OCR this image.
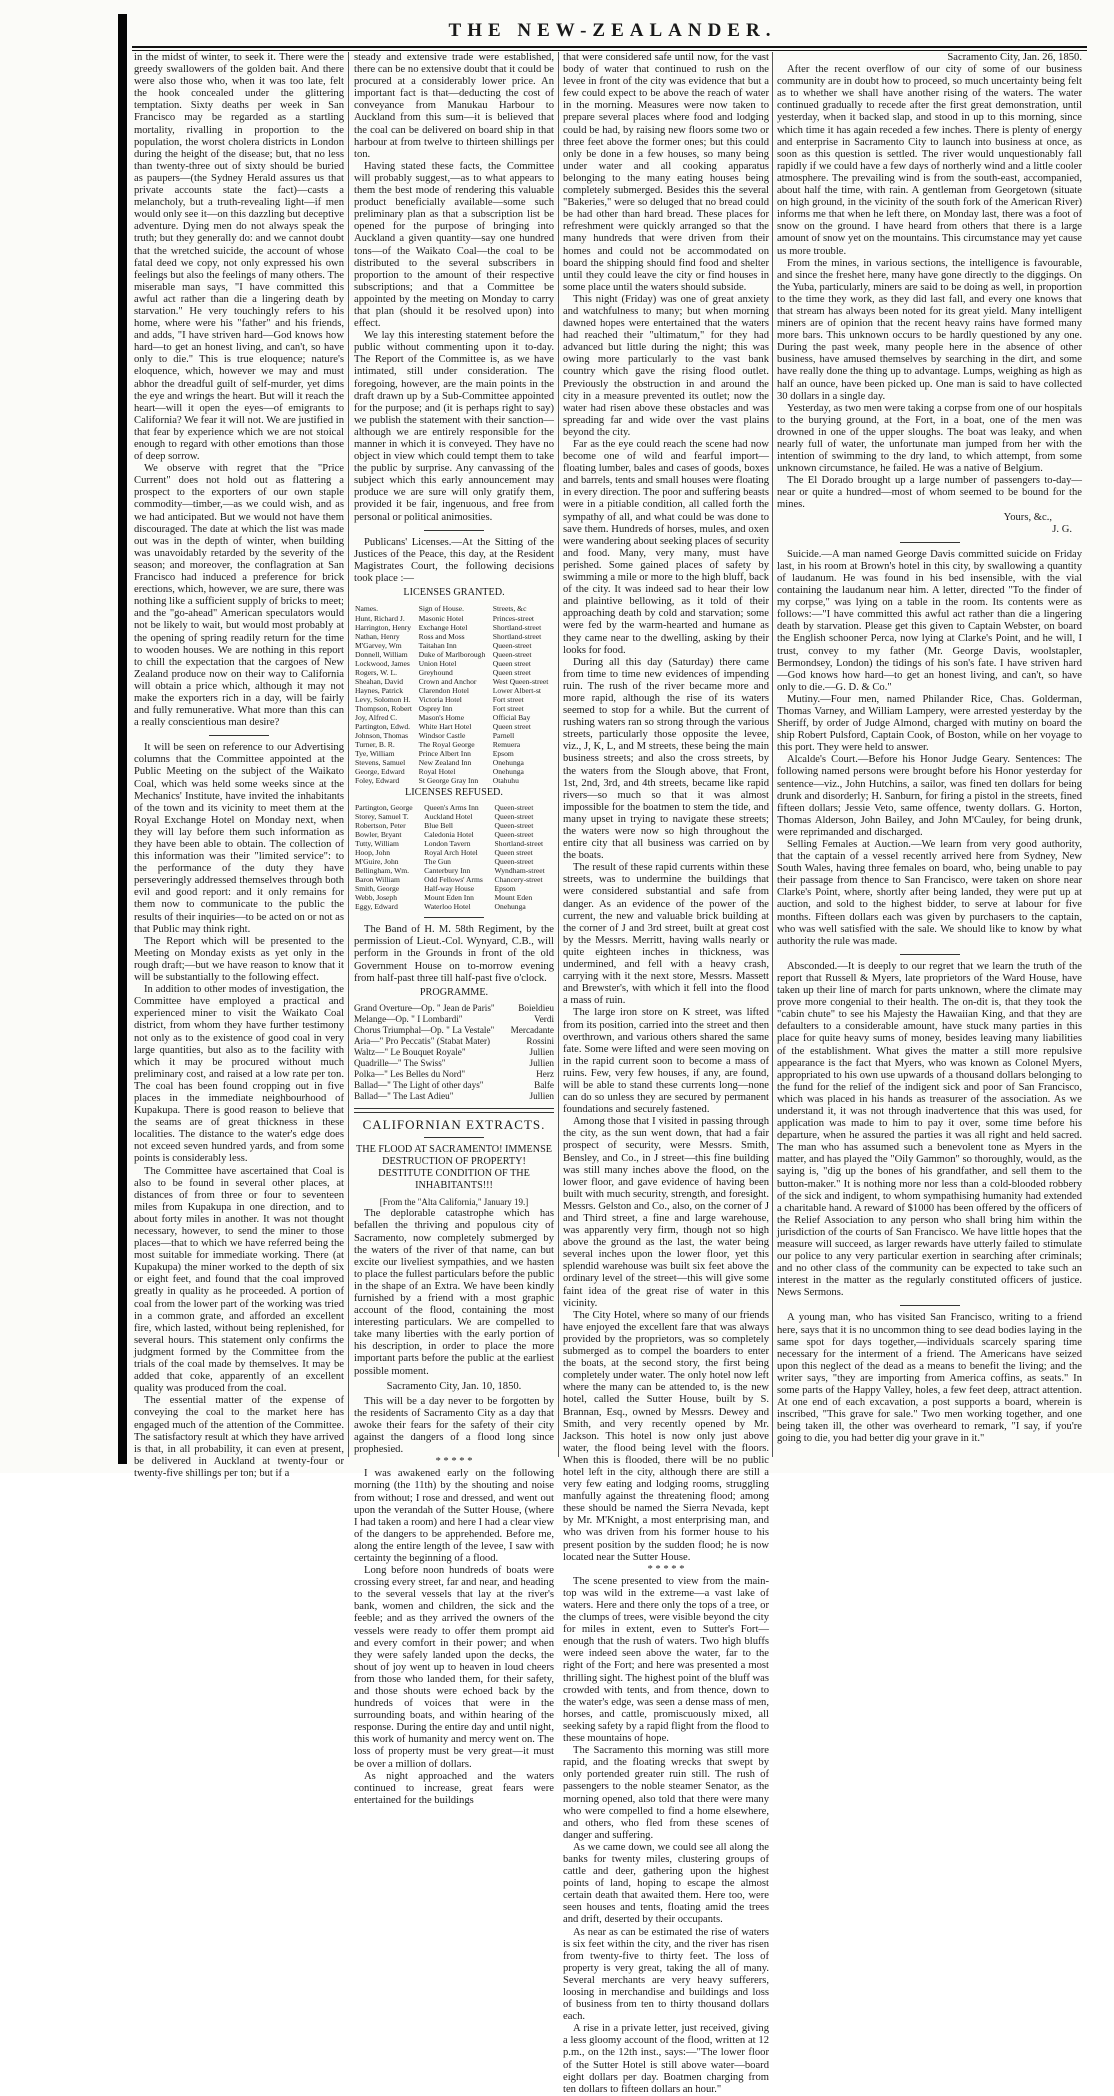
THE NEW-ZEALANDER.

in the midst of winter, to seek it. There were the greedy swallowers of the golden bait. And there were also those who, when it was too late, felt the hook concealed under the glittering temptation. Sixty deaths per week in San Francisco may be regarded as a startling mortality, rivalling in proportion to the population, the worst cholera districts in London during the height of the disease; but, that no less than twenty-three out of sixty should be buried as paupers—(the Sydney Herald assures us that private accounts state the fact)—casts a melancholy, but a truth-revealing light—if men would only see it—on this dazzling but deceptive adventure. Dying men do not always speak the truth; but they generally do: and we cannot doubt that the wretched suicide, the account of whose fatal deed we copy, not only expressed his own feelings but also the feelings of many others. The miserable man says, "I have committed this awful act rather than die a lingering death by starvation." He very touchingly refers to his home, where were his "father" and his friends, and adds, "I have striven hard—God knows how hard—to get an honest living, and can't, so have only to die." This is true eloquence; nature's eloquence, which, however we may and must abhor the dreadful guilt of self-murder, yet dims the eye and wrings the heart. But will it reach the heart—will it open the eyes—of emigrants to California? We fear it will not. We are justified in that fear by experience which we are not stoical enough to regard with other emotions than those of deep sorrow.

We observe with regret that the "Price Current" does not hold out as flattering a prospect to the exporters of our own staple commodity—timber,—as we could wish, and as we had anticipated. But we would not have them discouraged. The date at which the list was made out was in the depth of winter, when building was unavoidably retarded by the severity of the season; and moreover, the conflagration at San Francisco had induced a preference for brick erections, which, however, we are sure, there was nothing like a sufficient supply of bricks to meet; and the "go-ahead" American speculators would not be likely to wait, but would most probably at the opening of spring readily return for the time to wooden houses. We are nothing in this report to chill the expectation that the cargoes of New Zealand produce now on their way to California will obtain a price which, although it may not make the exporters rich in a day, will be fairly and fully remunerative. What more than this can a really conscientious man desire?

It will be seen on reference to our Advertising columns that the Committee appointed at the Public Meeting on the subject of the Waikato Coal, which was held some weeks since at the Mechanics' Institute, have invited the inhabitants of the town and its vicinity to meet them at the Royal Exchange Hotel on Monday next, when they will lay before them such information as they have been able to obtain. The collection of this information was their "limited service": to the performance of the duty they have perseveringly addressed themselves through both evil and good report: and it only remains for them now to communicate to the public the results of their inquiries—to be acted on or not as that Public may think right.

The Report which will be presented to the Meeting on Monday exists as yet only in the rough draft;—but we have reason to know that it will be substantially to the following effect.

In addition to other modes of investigation, the Committee have employed a practical and experienced miner to visit the Waikato Coal district, from whom they have further testimony not only as to the existence of good coal in very large quantities, but also as to the facility with which it may be procured without much preliminary cost, and raised at a low rate per ton. The coal has been found cropping out in five places in the immediate neighbourhood of Kupakupa. There is good reason to believe that the seams are of great thickness in these localities. The distance to the water's edge does not exceed seven hundred yards, and from some points is considerably less.

The Committee have ascertained that Coal is also to be found in several other places, at distances of from three or four to seventeen miles from Kupakupa in one direction, and to about forty miles in another. It was not thought necessary, however, to send the miner to those places—that to which we have referred being the most suitable for immediate working. There (at Kupakupa) the miner worked to the depth of six or eight feet, and found that the coal improved greatly in quality as he proceeded. A portion of coal from the lower part of the working was tried in a common grate, and afforded an excellent fire, which lasted, without being replenished, for several hours. This statement only confirms the judgment formed by the Committee from the trials of the coal made by themselves. It may be added that coke, apparently of an excellent quality was produced from the coal.

The essential matter of the expense of conveying the coal to the market here has engaged much of the attention of the Committee. The satisfactory result at which they have arrived is that, in all probability, it can even at present, be delivered in Auckland at twenty-four or twenty-five shillings per ton; but if a

steady and extensive trade were established, there can be no extensive doubt that it could be procured at a considerably lower price. An important fact is that—deducting the cost of conveyance from Manukau Harbour to Auckland from this sum—it is believed that the coal can be delivered on board ship in that harbour at from twelve to thirteen shillings per ton.

Having stated these facts, the Committee will probably suggest,—as to what appears to them the best mode of rendering this valuable product beneficially available—some such preliminary plan as that a subscription list be opened for the purpose of bringing into Auckland a given quantity—say one hundred tons—of the Waikato Coal—the coal to be distributed to the several subscribers in proportion to the amount of their respective subscriptions; and that a Committee be appointed by the meeting on Monday to carry that plan (should it be resolved upon) into effect.

We lay this interesting statement before the public without commenting upon it to-day. The Report of the Committee is, as we have intimated, still under consideration. The foregoing, however, are the main points in the draft drawn up by a Sub-Committee appointed for the purpose; and (it is perhaps right to say) we publish the statement with their sanction—although we are entirely responsible for the manner in which it is conveyed. They have no object in view which could tempt them to take the public by surprise. Any canvassing of the subject which this early announcement may produce we are sure will only gratify them, provided it be fair, ingenuous, and free from personal or political animosities.

Publicans' Licenses.—At the Sitting of the Justices of the Peace, this day, at the Resident Magistrates Court, the following decisions took place :—

LICENSES GRANTED.

Names.	Sign of House.	Streets, &c
Hunt, Richard J.	Masonic Hotel	Princes-street
Harrington, Henry	Exchange Hotel	Shortland-street
Nathan, Henry	Ross and Moss	Shortland-street
M'Garvey, Wm	Taitahan Inn	Queen-street
Donnell, William	Duke of Marlborough	Queen-street
Lockwood, James	Union Hotel	Queen street
Rogers, W. L.	Greyhound	Queen street
Sheahan, David	Crown and Anchor	West Queen-street
Haynes, Patrick	Clarendon Hotel	Lower Albert-st
Levy, Solomon H.	Victoria Hotel	Fort street
Thompson, Robert	Osprey Inn	Fort street
Joy, Alfred C.	Mason's Home	Official Bay
Partington, Edwd.	White Hart Hotel	Queen street
Johnson, Thomas	Windsor Castle	Parnell
Turner, B. R.	The Royal George	Remuera
Tye, William	Prince Albert Inn	Epsom
Stevens, Samuel	New Zealand Inn	Onehunga
George, Edward	Royal Hotel	Onehunga
Foley, Edward	St George Gray Inn	Otahuhu

LICENSES REFUSED.

Partington, George	Queen's Arms Inn	Queen-street
Storey, Samuel T.	Auckland Hotel	Queen-street
Robertson, Peter	Blue Bell	Queen-street
Bowler, Bryant	Caledonia Hotel	Queen-street
Tutty, William	London Tavern	Shortland-street
Hoop, John	Royal Arch Hotel	Queen street
M'Guire, John	The Gun	Queen-street
Bellingham, Wm.	Canterbury Inn	Wyndham-street
Baron William	Odd Fellows' Arms	Chancery-street
Smith, George	Half-way House	Epsom
Webb, Joseph	Mount Eden Inn	Mount Eden
Eggy, Edward	Waterloo Hotel	Onehunga

The Band of H. M. 58th Regiment, by the permission of Lieut.-Col. Wynyard, C.B., will perform in the Grounds in front of the old Government House on to-morrow evening from half-past three till half-past five o'clock.

PROGRAMME.

Grand Overture—Op. " Jean de Paris"	Boieldieu
Melange—Op. " I Lombardi"	Verdi
Chorus Triumphal—Op. " La Vestale" Mercadante
Aria—" Pro Peccatis" (Stabat Mater)	Rossini
Waltz—" Le Bouquet Royale"	Jullien
Quadrille—" The Swiss"	Jullien
Polka—" Les Belles du Nord"	Herz
Ballad—" The Light of other days"	Balfe
Ballad—" The Last Adieu"	Jullien

CALIFORNIAN EXTRACTS.

THE FLOOD AT SACRAMENTO! IMMENSE DESTRUCTION OF PROPERTY! DESTITUTE CONDITION OF THE INHABITANTS!!!

[From the "Alta California," January 19.]

The deplorable catastrophe which has befallen the thriving and populous city of Sacramento, now completely submerged by the waters of the river of that name, can but excite our liveliest sympathies, and we hasten to place the fullest particulars before the public in the shape of an Extra. We have been kindly furnished by a friend with a most graphic account of the flood, containing the most interesting particulars. We are compelled to take many liberties with the early portion of his description, in order to place the more important parts before the public at the earliest possible moment.

Sacramento City, Jan. 10, 1850.

This will be a day never to be forgotten by the residents of Sacramento City as a day that awoke their fears for the safety of their city against the dangers of a flood long since prophesied.

* * * * *

I was awakened early on the following morning (the 11th) by the shouting and noise from without; I rose and dressed, and went out upon the verandah of the Sutter House, (where I had taken a room) and here I had a clear view of the dangers to be apprehended. Before me, along the entire length of the levee, I saw with certainty the beginning of a flood.

Long before noon hundreds of boats were crossing every street, far and near, and heading to the several vessels that lay at the river's bank, women and children, the sick and the feeble; and as they arrived the owners of the vessels were ready to offer them prompt aid and every comfort in their power; and when they were safely landed upon the decks, the shout of joy went up to heaven in loud cheers from those who landed them, for their safety, and those shouts were echoed back by the hundreds of voices that were in the surrounding boats, and within hearing of the response. During the entire day and until night, this work of humanity and mercy went on. The loss of property must be very great—it must be over a million of dollars.

As night approached and the waters continued to increase, great fears were entertained for the buildings

that were considered safe until now, for the vast body of water that continued to rush on the levee in front of the city was evidence that but a few could expect to be above the reach of water in the morning. Measures were now taken to prepare several places where food and lodging could be had, by raising new floors some two or three feet above the former ones; but this could only be done in a few houses, so many being under water and all cooking apparatus belonging to the many eating houses being completely submerged. Besides this the several "Bakeries," were so deluged that no bread could be had other than hard bread. These places for refreshment were quickly arranged so that the many hundreds that were driven from their homes and could not be accommodated on board the shipping should find food and shelter until they could leave the city or find houses in some place until the waters should subside.

This night (Friday) was one of great anxiety and watchfulness to many; but when morning dawned hopes were entertained that the waters had reached their "ultimatum," for they had advanced but little during the night; this was owing more particularly to the vast bank country which gave the rising flood outlet. Previously the obstruction in and around the city in a measure prevented its outlet; now the water had risen above these obstacles and was spreading far and wide over the vast plains beyond the city.

Far as the eye could reach the scene had now become one of wild and fearful import—floating lumber, bales and cases of goods, boxes and barrels, tents and small houses were floating in every direction. The poor and suffering beasts were in a pitiable condition, all called forth the sympathy of all, and what could be was done to save them. Hundreds of horses, mules, and oxen were wandering about seeking places of security and food. Many, very many, must have perished. Some gained places of safety by swimming a mile or more to the high bluff, back of the city. It was indeed sad to hear their low and plaintive bellowing, as it told of their approaching death by cold and starvation; some were fed by the warm-hearted and humane as they came near to the dwelling, asking by their looks for food.

During all this day (Saturday) there came from time to time new evidences of impending ruin. The rush of the river became more and more rapid, although the rise of its waters seemed to stop for a while. But the current of rushing waters ran so strong through the various streets, particularly those opposite the levee, viz., J, K, L, and M streets, these being the main business streets; and also the cross streets, by the waters from the Slough above, that Front, 1st, 2nd, 3rd, and 4th streets, became like rapid rivers—so much so that it was almost impossible for the boatmen to stem the tide, and many upset in trying to navigate these streets; the waters were now so high throughout the entire city that all business was carried on by the boats.

The result of these rapid currents within these streets, was to undermine the buildings that were considered substantial and safe from danger. As an evidence of the power of the current, the new and valuable brick building at the corner of J and 3rd street, built at great cost by the Messrs. Merritt, having walls nearly or quite eighteen inches in thickness, was undermined, and fell with a heavy crash, carrying with it the next store, Messrs. Massett and Brewster's, with which it fell into the flood a mass of ruin.

The large iron store on K street, was lifted from its position, carried into the street and then overthrown, and various others shared the same fate. Some were lifted and were seen moving on in the rapid current soon to become a mass of ruins. Few, very few houses, if any, are found, will be able to stand these currents long—none can do so unless they are secured by permanent foundations and securely fastened.

Among those that I visited in passing through the city, as the sun went down, that had a fair prospect of security, were Messrs. Smith, Bensley, and Co., in J street—this fine building was still many inches above the flood, on the lower floor, and gave evidence of having been built with much security, strength, and foresight. Messrs. Gelston and Co., also, on the corner of J and Third street, a fine and large warehouse, was apparently very firm, though not so high above the ground as the last, the water being several inches upon the lower floor, yet this splendid warehouse was built six feet above the ordinary level of the street—this will give some faint idea of the great rise of water in this vicinity.

The City Hotel, where so many of our friends have enjoyed the excellent fare that was always provided by the proprietors, was so completely submerged as to compel the boarders to enter the boats, at the second story, the first being completely under water. The only hotel now left where the many can be attended to, is the new hotel, called the Sutter House, built by S. Brannan, Esq., owned by Messrs. Dewey and Smith, and very recently opened by Mr. Jackson. This hotel is now only just above water, the flood being level with the floors. When this is flooded, there will be no public hotel left in the city, although there are still a very few eating and lodging rooms, struggling manfully against the threatening flood; among these should be named the Sierra Nevada, kept by Mr. M'Knight, a most enterprising man, and who was driven from his former house to his present position by the sudden flood; he is now located near the Sutter House.

* * * * *

The scene presented to view from the main-top was wild in the extreme—a vast lake of waters. Here and there only the tops of a tree, or the clumps of trees, were visible beyond the city for miles in extent, even to Sutter's Fort—enough that the rush of waters. Two high bluffs were indeed seen above the water, far to the right of the Fort; and here was presented a most thrilling sight. The highest point of the bluff was crowded with tents, and from thence, down to the water's edge, was seen a dense mass of men, horses, and cattle, promiscuously mixed, all seeking safety by a rapid flight from the flood to these mountains of hope.

The Sacramento this morning was still more rapid, and the floating wrecks that swept by only portended greater ruin still. The rush of passengers to the noble steamer Senator, as the morning opened, also told that there were many who were compelled to find a home elsewhere, and others, who fled from these scenes of danger and suffering.

As we came down, we could see all along the banks for twenty miles, clustering groups of cattle and deer, gathering upon the highest points of land, hoping to escape the almost certain death that awaited them. Here too, were seen houses and tents, floating amid the trees and drift, deserted by their occupants.

As near as can be estimated the rise of waters is six feet within the city, and the river has risen from twenty-five to thirty feet. The loss of property is very great, taking the all of many. Several merchants are very heavy sufferers, loosing in merchandise and buildings and loss of business from ten to thirty thousand dollars each.

A rise in a private letter, just received, giving a less gloomy account of the flood, written at 12 p.m., on the 12th inst., says:—"The lower floor of the Sutter Hotel is still above water—board eight dollars per day. Boatmen charging from ten dollars to fifteen dollars an hour."

Sacramento City, Jan. 26, 1850.

After the recent overflow of our city of some of our business community are in doubt how to proceed, so much uncertainty being felt as to whether we shall have another rising of the waters. The water continued gradually to recede after the first great demonstration, until yesterday, when it backed slap, and stood in up to this morning, since which time it has again receded a few inches. There is plenty of energy and enterprise in Sacramento City to launch into business at once, as soon as this question is settled. The river would unquestionably fall rapidly if we could have a few days of northerly wind and a little cooler atmosphere. The prevailing wind is from the south-east, accompanied, about half the time, with rain. A gentleman from Georgetown (situate on high ground, in the vicinity of the south fork of the American River) informs me that when he left there, on Monday last, there was a foot of snow on the ground. I have heard from others that there is a large amount of snow yet on the mountains. This circumstance may yet cause us more trouble.

From the mines, in various sections, the intelligence is favourable, and since the freshet here, many have gone directly to the diggings. On the Yuba, particularly, miners are said to be doing as well, in proportion to the time they work, as they did last fall, and every one knows that that stream has always been noted for its great yield. Many intelligent miners are of opinion that the recent heavy rains have formed many more bars. This unknown occurs to be hardly questioned by any one. During the past week, many people here in the absence of other business, have amused themselves by searching in the dirt, and some have really done the thing up to advantage. Lumps, weighing as high as half an ounce, have been picked up. One man is said to have collected 30 dollars in a single day.

Yesterday, as two men were taking a corpse from one of our hospitals to the burying ground, at the Fort, in a boat, one of the men was drowned in one of the upper sloughs. The boat was leaky, and when nearly full of water, the unfortunate man jumped from her with the intention of swimming to the dry land, to which attempt, from some unknown circumstance, he failed. He was a native of Belgium.

The El Dorado brought up a large number of passengers to-day—near or quite a hundred—most of whom seemed to be bound for the mines.

Yours, &c.,

J. G.

Suicide.—A man named George Davis committed suicide on Friday last, in his room at Brown's hotel in this city, by swallowing a quantity of laudanum. He was found in his bed insensible, with the vial containing the laudanum near him. A letter, directed "To the finder of my corpse," was lying on a table in the room. Its contents were as follows:—"I have committed this awful act rather than die a lingering death by starvation. Please get this given to Captain Webster, on board the English schooner Perca, now lying at Clarke's Point, and he will, I trust, convey to my father (Mr. George Davis, woolstapler, Bermondsey, London) the tidings of his son's fate. I have striven hard—God knows how hard—to get an honest living, and can't, so have only to die.—G. D. & Co."

Mutiny.—Four men, named Philander Rice, Chas. Golderman, Thomas Varney, and William Lampery, were arrested yesterday by the Sheriff, by order of Judge Almond, charged with mutiny on board the ship Robert Pulsford, Captain Cook, of Boston, while on her voyage to this port. They were held to answer.

Alcalde's Court.—Before his Honor Judge Geary. Sentences: The following named persons were brought before his Honor yesterday for sentence—viz., John Hutchins, a sailor, was fined ten dollars for being drunk and disorderly; H. Sanburn, for firing a pistol in the streets, fined fifteen dollars; Jessie Veto, same offence, twenty dollars. G. Horton, Thomas Alderson, John Bailey, and John M'Cauley, for being drunk, were reprimanded and discharged.

Selling Females at Auction.—We learn from very good authority, that the captain of a vessel recently arrived here from Sydney, New South Wales, having three females on board, who, being unable to pay their passage from thence to San Francisco, were taken on shore near Clarke's Point, where, shortly after being landed, they were put up at auction, and sold to the highest bidder, to serve at labour for five months. Fifteen dollars each was given by purchasers to the captain, who was well satisfied with the sale. We should like to know by what authority the rule was made.

Absconded.—It is deeply to our regret that we learn the truth of the report that Russell & Myers, late proprietors of the Ward House, have taken up their line of march for parts unknown, where the climate may prove more congenial to their health. The on-dit is, that they took the "cabin chute" to see his Majesty the Hawaiian King, and that they are defaulters to a considerable amount, have stuck many parties in this place for quite heavy sums of money, besides leaving many liabilities of the establishment. What gives the matter a still more repulsive appearance is the fact that Myers, who was known as Colonel Myers, appropriated to his own use upwards of a thousand dollars belonging to the fund for the relief of the indigent sick and poor of San Francisco, which was placed in his hands as treasurer of the association. As we understand it, it was not through inadvertence that this was used, for application was made to him to pay it over, some time before his departure, when he assured the parties it was all right and held sacred. The man who has assumed such a benevolent tone as Myers in the matter, and has played the "Oily Gammon" so thoroughly, would, as the saying is, "dig up the bones of his grandfather, and sell them to the button-maker." It is nothing more nor less than a cold-blooded robbery of the sick and indigent, to whom sympathising humanity had extended a charitable hand. A reward of $1000 has been offered by the officers of the Relief Association to any person who shall bring him within the jurisdiction of the courts of San Francisco. We have little hopes that the measure will succeed, as larger rewards have utterly failed to stimulate our police to any very particular exertion in searching after criminals; and no other class of the community can be expected to take such an interest in the matter as the regularly constituted officers of justice. News Sermons.

A young man, who has visited San Francisco, writing to a friend here, says that it is no uncommon thing to see dead bodies laying in the same spot for days together,—individuals scarcely sparing time necessary for the interment of a friend. The Americans have seized upon this neglect of the dead as a means to benefit the living; and the writer says, "they are importing from America coffins, as seats." In some parts of the Happy Valley, holes, a few feet deep, attract attention. At one end of each excavation, a post supports a board, wherein is inscribed, "This grave for sale." Two men working together, and one being taken ill, the other was overheard to remark, "I say, if you're going to die, you had better dig your grave in it."
